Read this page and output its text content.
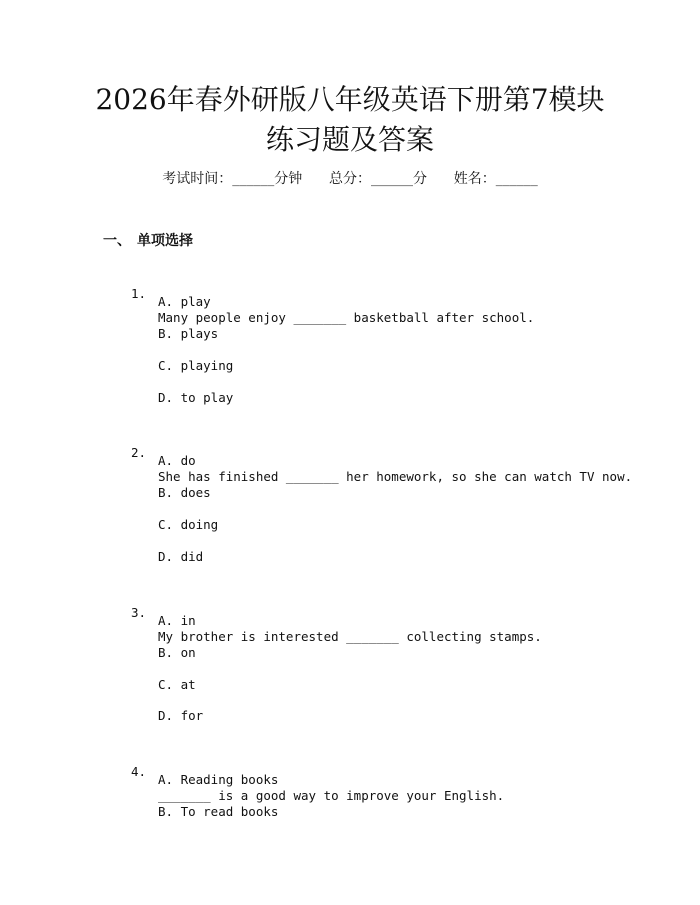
2026年春外研版八年级英语下册第7模块练习题及答案
考试时间：______分钟      总分：______分      姓名：______
一、 单项选择

1.

Many people enjoy _______ basketball after school.

A. play
B. plays
C. playing
D. to play

2.

She has finished _______ her homework, so she can watch TV now.

A. do
B. does
C. doing
D. did

3.

My brother is interested _______ collecting stamps.

A. in
B. on
C. at
D. for

4.

_______ is a good way to improve your English.

A. Reading books
B. To read books
